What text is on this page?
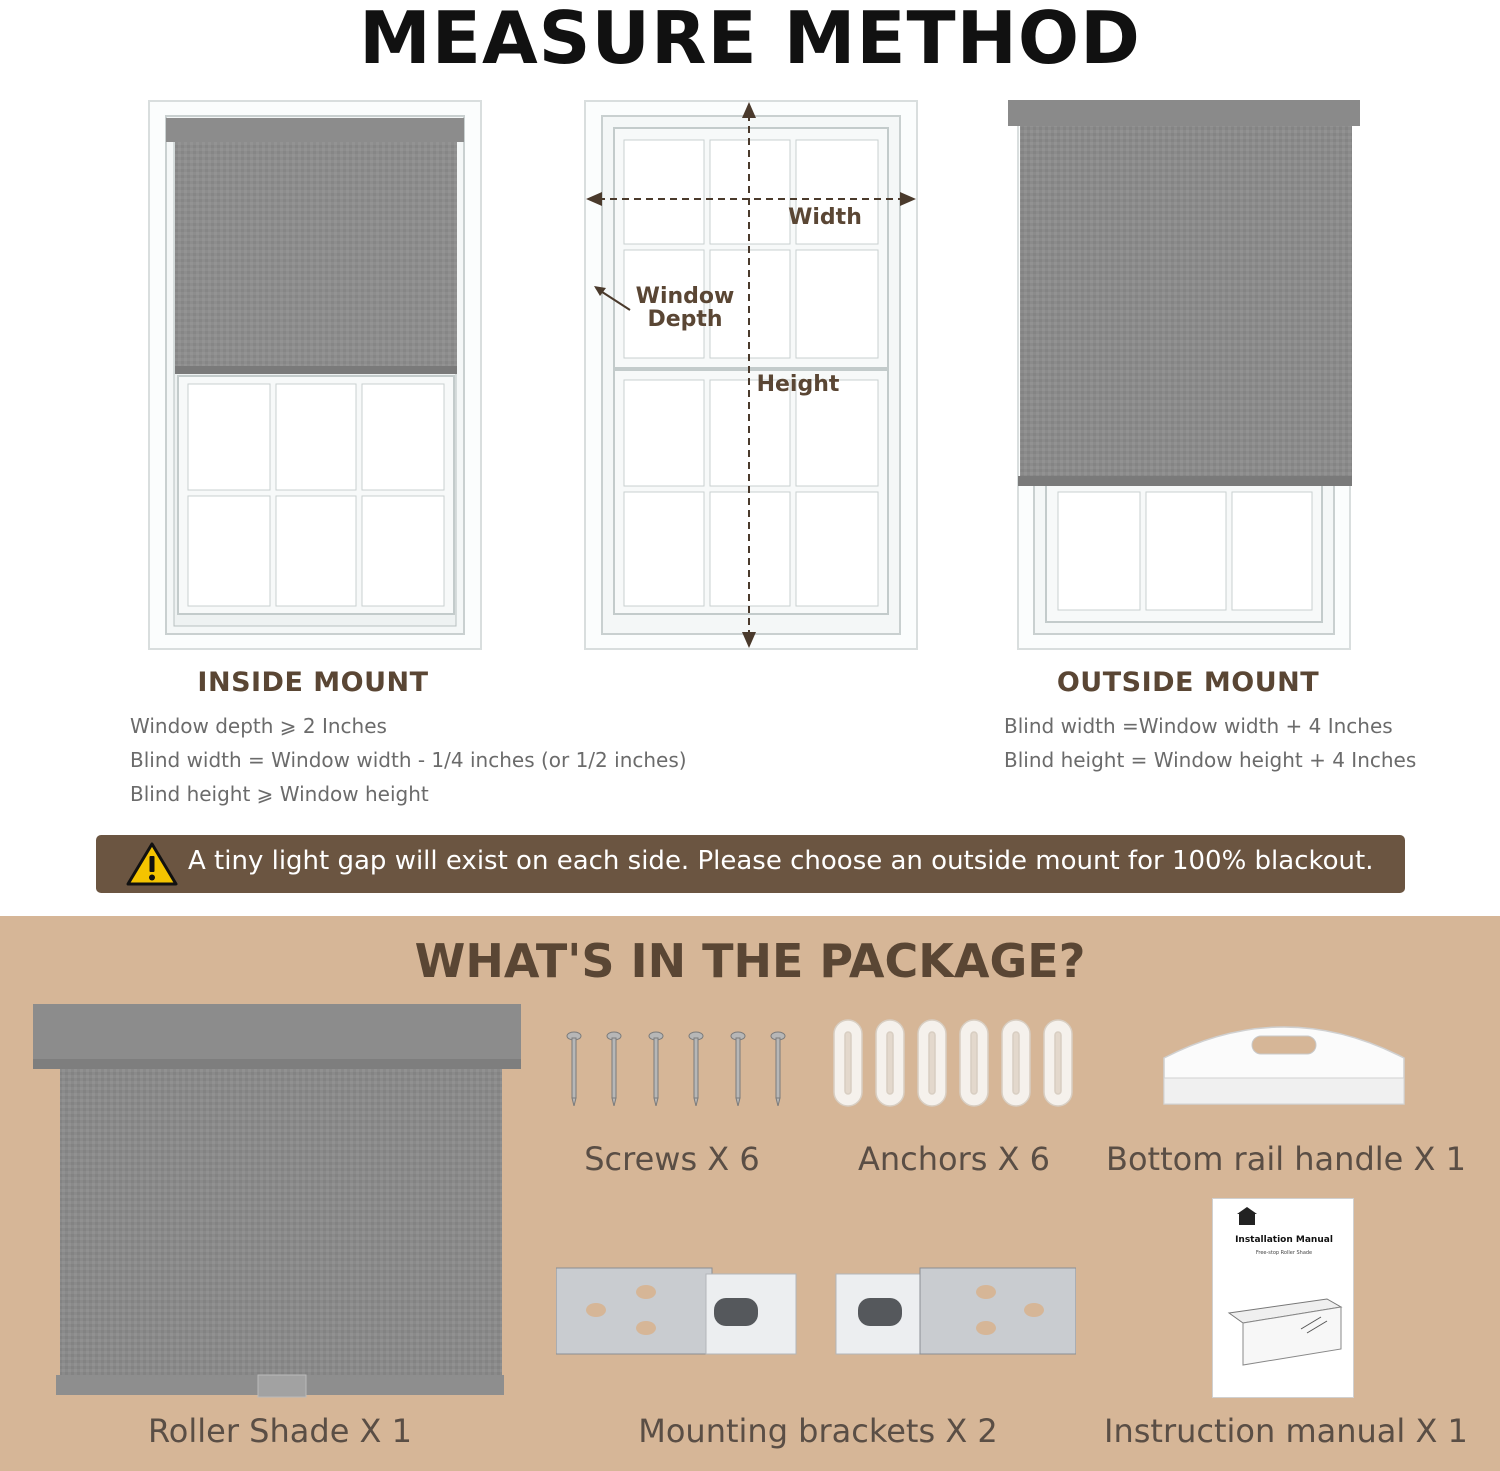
MEASURE METHOD
Width
Window
Depth
Height
INSIDE MOUNT
Window depth ⩾ 2 Inches
Blind width = Window width - 1/4 inches (or 1/2 inches)
Blind height ⩾ Window height
OUTSIDE MOUNT
Blind width =Window width + 4 Inches
Blind height = Window height + 4 Inches
A tiny light gap will exist on each side. Please choose an outside mount for 100% blackout.
WHAT'S IN THE PACKAGE?
Roller Shade X 1
Screws X 6	Anchors X 6	Bottom rail handle X 1
Mounting brackets X 2
Installation Manual
Free-stop Roller Shade
Instruction manual X 1
